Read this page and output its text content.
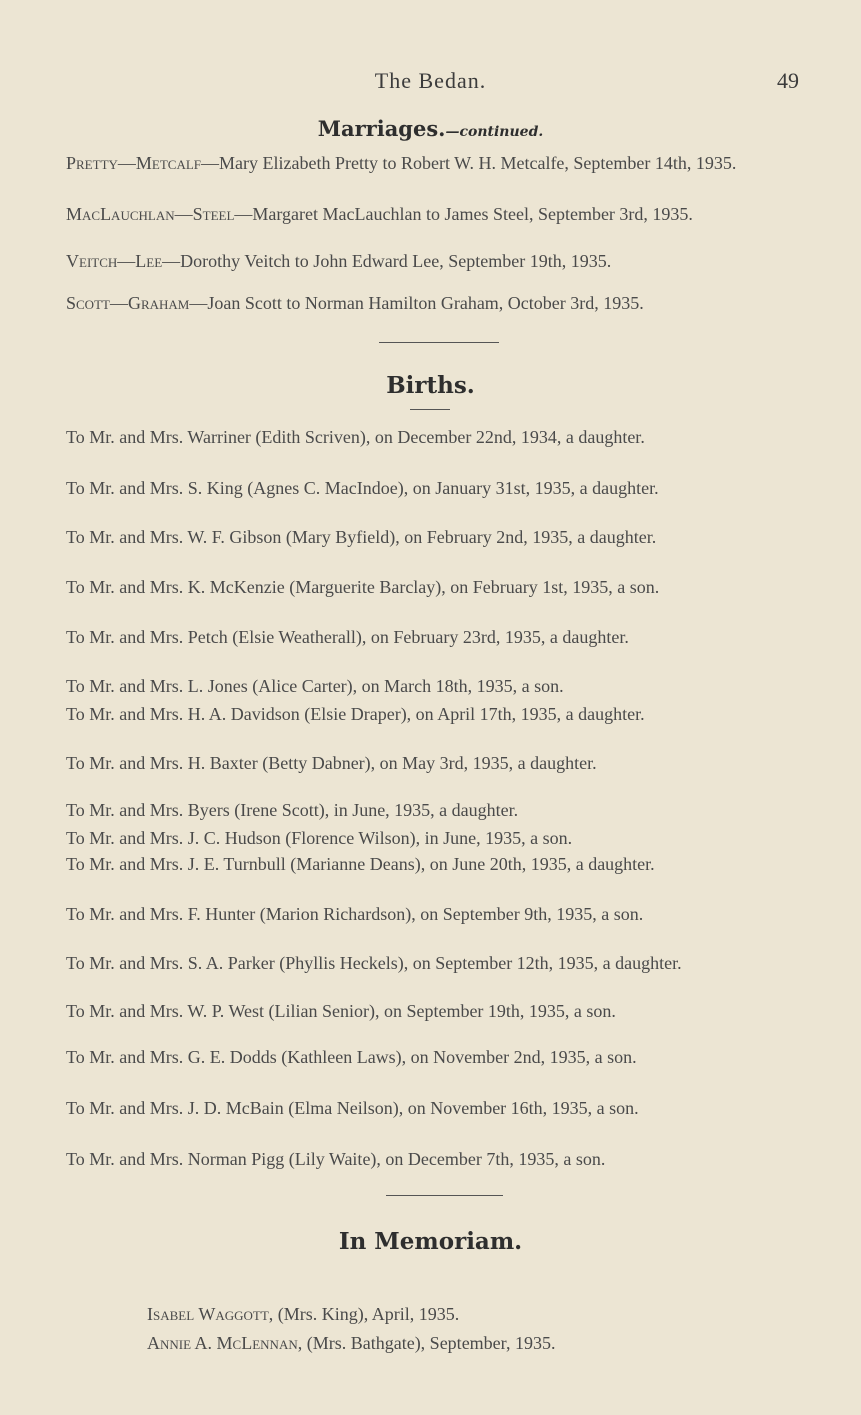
The Bedan.	49
Marriages.—continued.

Pretty—Metcalf—Mary Elizabeth Pretty to Robert W. H. Metcalfe, September 14th, 1935.

MacLauchlan—Steel—Margaret MacLauchlan to James Steel, September 3rd, 1935.

Veitch—Lee—Dorothy Veitch to John Edward Lee, September 19th, 1935.

Scott—Graham—Joan Scott to Norman Hamilton Graham, October 3rd, 1935.

Births.

To Mr. and Mrs. Warriner (Edith Scriven), on December 22nd, 1934, a daughter.

To Mr. and Mrs. S. King (Agnes C. MacIndoe), on January 31st, 1935, a daughter.

To Mr. and Mrs. W. F. Gibson (Mary Byfield), on February 2nd, 1935, a daughter.

To Mr. and Mrs. K. McKenzie (Marguerite Barclay), on February 1st, 1935, a son.

To Mr. and Mrs. Petch (Elsie Weatherall), on February 23rd, 1935, a daughter.

To Mr. and Mrs. L. Jones (Alice Carter), on March 18th, 1935, a son.

To Mr. and Mrs. H. A. Davidson (Elsie Draper), on April 17th, 1935, a daughter.

To Mr. and Mrs. H. Baxter (Betty Dabner), on May 3rd, 1935, a daughter.

To Mr. and Mrs. Byers (Irene Scott), in June, 1935, a daughter.

To Mr. and Mrs. J. C. Hudson (Florence Wilson), in June, 1935, a son.

To Mr. and Mrs. J. E. Turnbull (Marianne Deans), on June 20th, 1935, a daughter.

To Mr. and Mrs. F. Hunter (Marion Richardson), on September 9th, 1935, a son.

To Mr. and Mrs. S. A. Parker (Phyllis Heckels), on September 12th, 1935, a daughter.

To Mr. and Mrs. W. P. West (Lilian Senior), on September 19th, 1935, a son.

To Mr. and Mrs. G. E. Dodds (Kathleen Laws), on November 2nd, 1935, a son.

To Mr. and Mrs. J. D. McBain (Elma Neilson), on November 16th, 1935, a son.

To Mr. and Mrs. Norman Pigg (Lily Waite), on December 7th, 1935, a son.

In Memoriam.
Isabel Waggott, (Mrs. King), April, 1935.
Annie A. McLennan, (Mrs. Bathgate), September, 1935.
